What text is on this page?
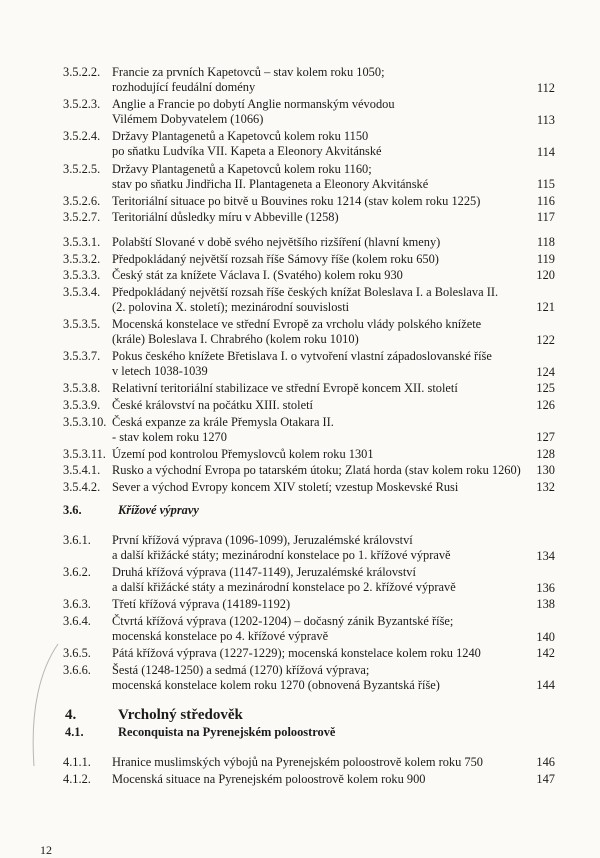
3.5.2.2. Francie za prvních Kapetovců – stav kolem roku 1050;
rozhodující feudální domény	112
3.5.2.3. Anglie a Francie po dobytí Anglie normanským vévodou
Vilémem Dobyvatelem (1066)	113
3.5.2.4. Državy Plantagenetů a Kapetovců kolem roku 1150
po sňatku Ludvíka VII. Kapeta a Eleonory Akvitánské	114
3.5.2.5. Državy Plantagenetů a Kapetovců kolem roku 1160;
stav po sňatku Jindřicha II. Plantageneta a Eleonory Akvitánské	115
3.5.2.6. Teritoriální situace po bitvě u Bouvines roku 1214 (stav kolem roku 1225)	116
3.5.2.7. Teritoriální důsledky míru v Abbeville (1258)	117
3.5.3.1. Polabští Slované v době svého největšího rizšíření (hlavní kmeny)	118
3.5.3.2. Předpokládaný největší rozsah říše Sámovy říše (kolem roku 650)	119
3.5.3.3. Český stát za knížete Václava I. (Svatého) kolem roku 930	120
3.5.3.4. Předpokládaný největší rozsah říše českých knížat Boleslava I. a Boleslava II.
(2. polovina X. století); mezinárodní souvislosti	121
3.5.3.5. Mocenská konstelace ve střední Evropě za vrcholu vlády polského knížete
(krále) Boleslava I. Chrabrého (kolem roku 1010)	122
3.5.3.7. Pokus českého knížete Břetislava I. o vytvoření vlastní západoslovanské říše
v letech 1038-1039	124
3.5.3.8. Relativní teritoriální stabilizace ve střední Evropě koncem XII. století	125
3.5.3.9. České království na počátku XIII. století	126
3.5.3.10. Česká expanze za krále Přemysla Otakara II.
- stav kolem roku 1270	127
3.5.3.11. Území pod kontrolou Přemyslovců kolem roku 1301	128
3.5.4.1. Rusko a východní Evropa po tatarském útoku; Zlatá horda (stav kolem roku 1260)	130
3.5.4.2. Sever a východ Evropy koncem XIV století; vzestup Moskevské Rusi	132
3.6.1. První křížová výprava (1096-1099), Jeruzalémské království
a další křižácké státy; mezinárodní konstelace po 1. křížové výpravě	134
3.6.2. Druhá křížová výprava (1147-1149), Jeruzalémské království
a další křižácké státy a mezinárodní konstelace po 2. křížové výpravě	136
3.6.3. Třetí křížová výprava (14189-1192)	138
3.6.4. Čtvrtá křížová výprava (1202-1204) – dočasný zánik Byzantské říše;
mocenská konstelace po 4. křížové výpravě	140
3.6.5. Pátá křížová výprava (1227-1229); mocenská konstelace kolem roku 1240	142
3.6.6. Šestá (1248-1250) a sedmá (1270) křížová výprava;
mocenská konstelace kolem roku 1270 (obnovená Byzantská říše)	144
4.1.1. Hranice muslimských výbojů na Pyrenejském poloostrově kolem roku 750	146
4.1.2. Mocenská situace na Pyrenejském poloostrově kolem roku 900	147
3.6.	Křížové výpravy
4.	Vrcholný středověk
4.1.	Reconquista na Pyrenejském poloostrově
12
